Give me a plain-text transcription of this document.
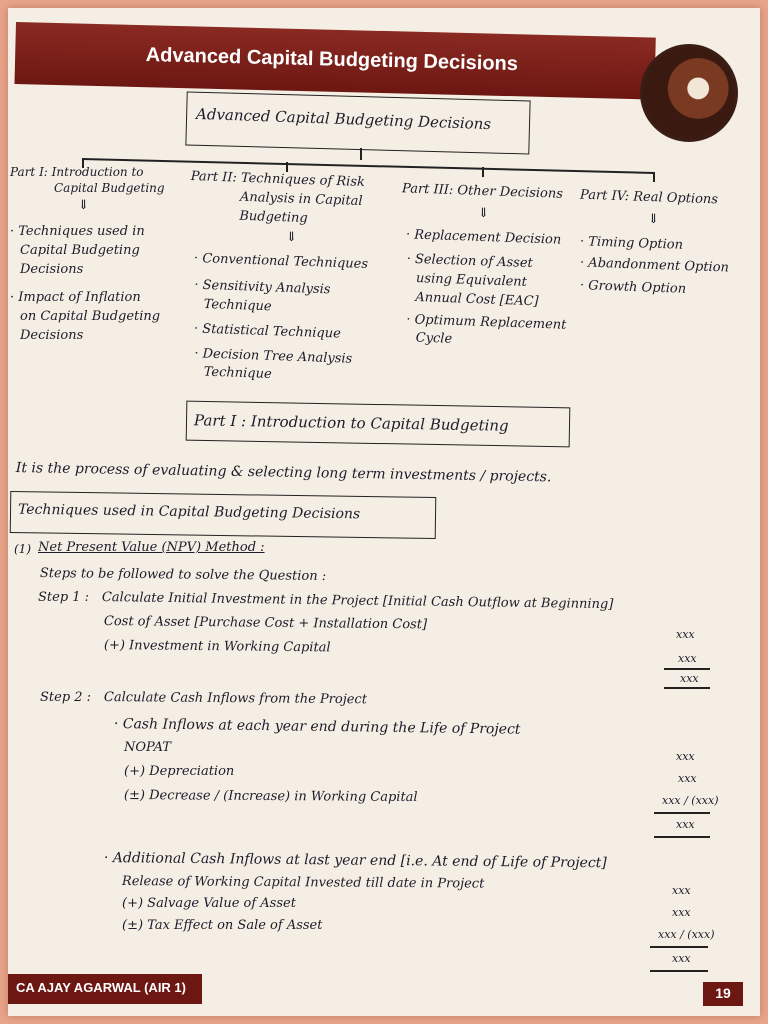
Advanced Capital Budgeting Decisions
Advanced Capital Budgeting Decisions
Part I: Introduction to
Capital Budgeting
⇓
· Techniques used in
Capital Budgeting
Decisions
· Impact of Inflation
on Capital Budgeting
Decisions
Part II: Techniques of Risk
Analysis in Capital
Budgeting
⇓
· Conventional Techniques
· Sensitivity Analysis
Technique
· Statistical Technique
· Decision Tree Analysis
Technique
Part III: Other Decisions
⇓
· Replacement Decision
· Selection of Asset
using Equivalent
Annual Cost [EAC]
· Optimum Replacement
Cycle
Part IV: Real Options
⇓
· Timing Option
· Abandonment Option
· Growth Option
Part I : Introduction to Capital Budgeting
It is the process of evaluating & selecting long term investments / projects.
Techniques used in Capital Budgeting Decisions
(1) Net Present Value (NPV) Method :
Steps to be followed to solve the Question :
Step 1 : Calculate Initial Investment in the Project [Initial Cash Outflow at Beginning]
Cost of Asset [Purchase Cost + Installation Cost]
(+) Investment in Working Capital
xxx
xxx
xxx
Step 2 : Calculate Cash Inflows from the Project
· Cash Inflows at each year end during the Life of Project
NOPAT
(+) Depreciation
(±) Decrease / (Increase) in Working Capital
xxx
xxx
xxx / (xxx)
xxx
· Additional Cash Inflows at last year end [i.e. At end of Life of Project]
Release of Working Capital Invested till date in Project
(+) Salvage Value of Asset
(±) Tax Effect on Sale of Asset
xxx
xxx
xxx / (xxx)
xxx
CA AJAY AGARWAL (AIR 1)	19
